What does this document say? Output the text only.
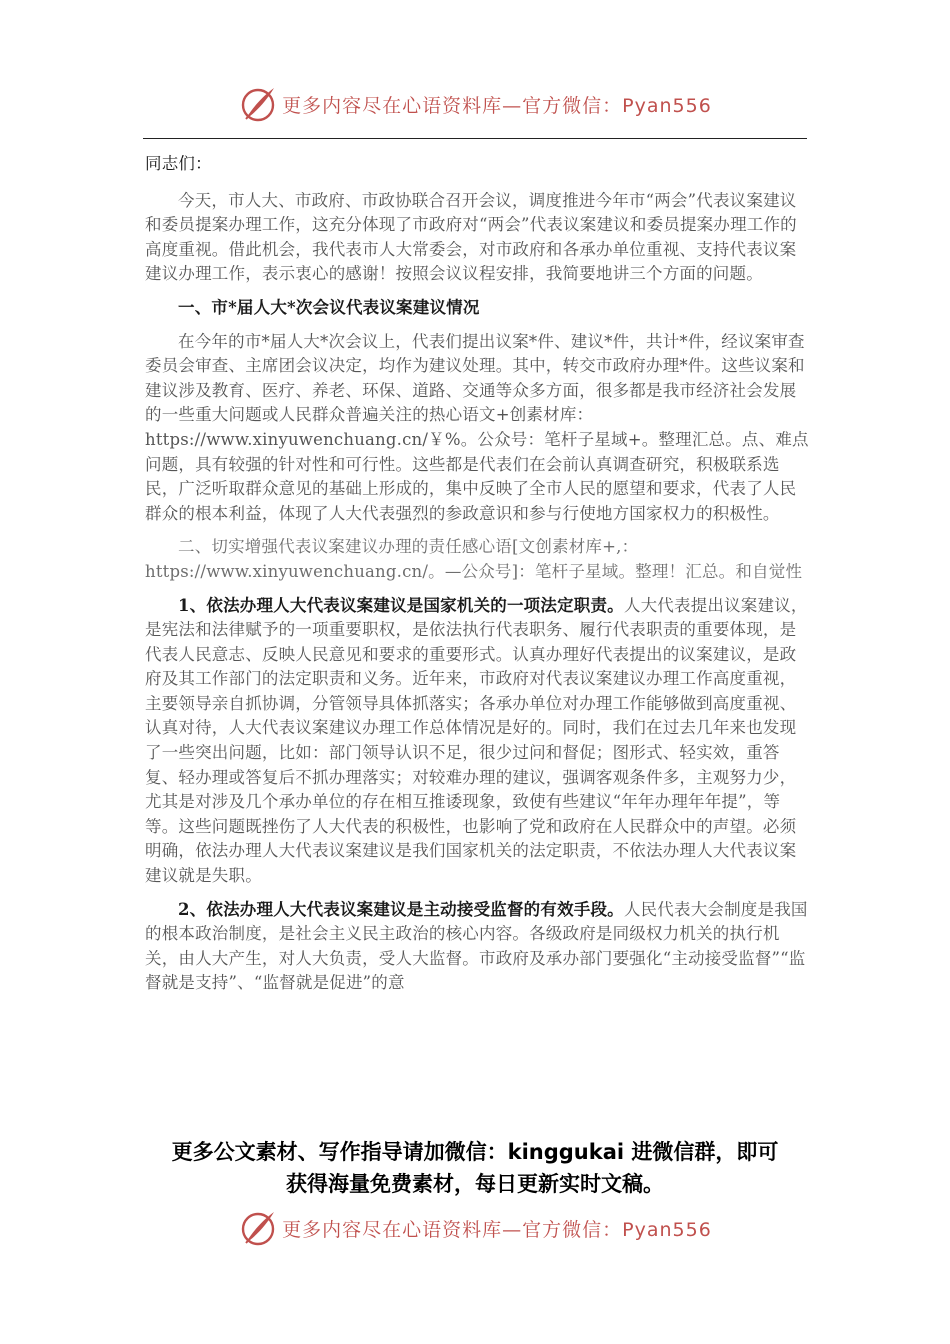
更多内容尽在心语资料库—官方微信：Pyan556

同志们：

今天，市人大、市政府、市政协联合召开会议，调度推进今年市“两会”代表议案建议和委员提案办理工作，这充分体现了市政府对“两会”代表议案建议和委员提案办理工作的高度重视。借此机会，我代表市人大常委会，对市政府和各承办单位重视、支持代表议案建议办理工作，表示衷心的感谢！按照会议议程安排，我简要地讲三个方面的问题。

一、市*届人大*次会议代表议案建议情况

在今年的市*届人大*次会议上，代表们提出议案*件、建议*件，共计*件，经议案审查委员会审查、主席团会议决定，均作为建议处理。其中，转交市政府办理*件。这些议案和建议涉及教育、医疗、养老、环保、道路、交通等众多方面，很多都是我市经济社会发展的一些重大问题或人民群众普遍关注的热心语文+创素材库：https://www.xinyuwenchuang.cn/￥%。公众号：笔杆子星域+。整理汇总。点、难点问题，具有较强的针对性和可行性。这些都是代表们在会前认真调查研究，积极联系选民，广泛听取群众意见的基础上形成的，集中反映了全市人民的愿望和要求，代表了人民群众的根本利益，体现了人大代表强烈的参政意识和参与行使地方国家权力的积极性。

二、切实增强代表议案建议办理的责任感心语[文创素材库+,：https://www.xinyuwenchuang.cn/。—公众号]：笔杆子星域。整理！汇总。和自觉性

1、依法办理人大代表议案建议是国家机关的一项法定职责。人大代表提出议案建议，是宪法和法律赋予的一项重要职权，是依法执行代表职务、履行代表职责的重要体现，是代表人民意志、反映人民意见和要求的重要形式。认真办理好代表提出的议案建议，是政府及其工作部门的法定职责和义务。近年来，市政府对代表议案建议办理工作高度重视，主要领导亲自抓协调，分管领导具体抓落实；各承办单位对办理工作能够做到高度重视、认真对待，人大代表议案建议办理工作总体情况是好的。同时，我们在过去几年来也发现了一些突出问题，比如：部门领导认识不足，很少过问和督促；图形式、轻实效，重答复、轻办理或答复后不抓办理落实；对较难办理的建议，强调客观条件多，主观努力少，尤其是对涉及几个承办单位的存在相互推诿现象，致使有些建议“年年办理年年提”，等等。这些问题既挫伤了人大代表的积极性，也影响了党和政府在人民群众中的声望。必须明确，依法办理人大代表议案建议是我们国家机关的法定职责，不依法办理人大代表议案建议就是失职。

2、依法办理人大代表议案建议是主动接受监督的有效手段。人民代表大会制度是我国的根本政治制度，是社会主义民主政治的核心内容。各级政府是同级权力机关的执行机关，由人大产生，对人大负责，受人大监督。市政府及承办部门要强化“主动接受监督”“监督就是支持”、“监督就是促进”的意

更多公文素材、写作指导请加微信：kinggukai 进微信群，即可
获得海量免费素材，每日更新实时文稿。
更多内容尽在心语资料库—官方微信：Pyan556
